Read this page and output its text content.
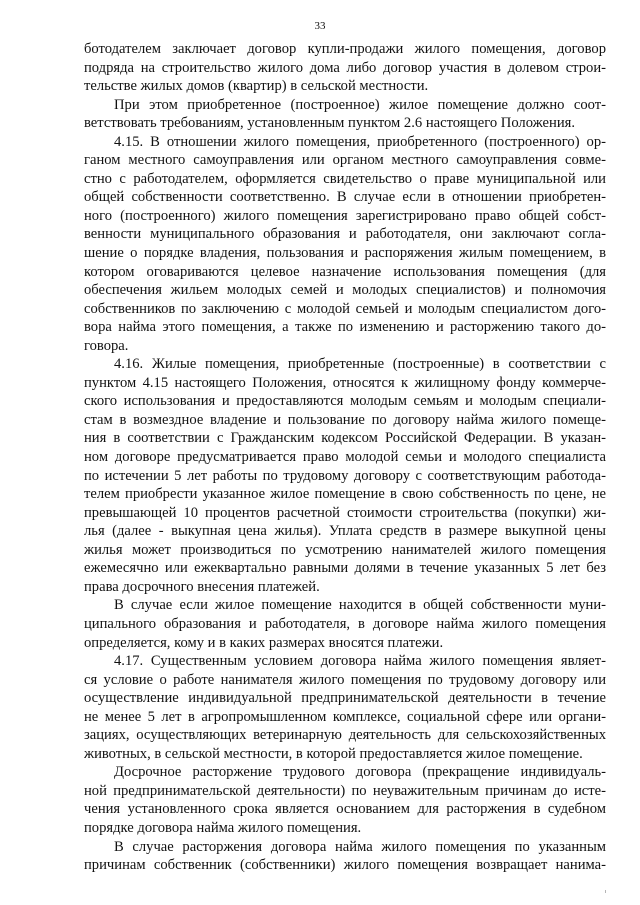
33
ботодателем заключает договор купли-продажи жилого помещения, договор
подряда на строительство жилого дома либо договор участия в долевом строи-
тельстве жилых домов (квартир) в сельской местности.
При этом приобретенное (построенное) жилое помещение должно соот-
ветствовать требованиям, установленным пунктом 2.6 настоящего Положения.
4.15. В отношении жилого помещения, приобретенного (построенного) ор-
ганом местного самоуправления или органом местного самоуправления совме-
стно с работодателем, оформляется свидетельство о праве муниципальной или
общей собственности соответственно. В случае если в отношении приобретен-
ного (построенного) жилого помещения зарегистрировано право общей собст-
венности муниципального образования и работодателя, они заключают согла-
шение о порядке владения, пользования и распоряжения жилым помещением, в
котором оговариваются целевое назначение использования помещения (для
обеспечения жильем молодых семей и молодых специалистов) и полномочия
собственников по заключению с молодой семьей и молодым специалистом дого-
вора найма этого помещения, а также по изменению и расторжению такого до-
говора.
4.16. Жилые помещения, приобретенные (построенные) в соответствии с
пунктом 4.15 настоящего Положения, относятся к жилищному фонду коммерче-
ского использования и предоставляются молодым семьям и молодым специали-
стам в возмездное владение и пользование по договору найма жилого помеще-
ния в соответствии с Гражданским кодексом Российской Федерации. В указан-
ном договоре предусматривается право молодой семьи и молодого специалиста
по истечении 5 лет работы по трудовому договору с соответствующим работода-
телем приобрести указанное жилое помещение в свою собственность по цене, не
превышающей 10 процентов расчетной стоимости строительства (покупки) жи-
лья (далее - выкупная цена жилья). Уплата средств в размере выкупной цены
жилья может производиться по усмотрению нанимателей жилого помещения
ежемесячно или ежеквартально равными долями в течение указанных 5 лет без
права досрочного внесения платежей.
В случае если жилое помещение находится в общей собственности муни-
ципального образования и работодателя, в договоре найма жилого помещения
определяется, кому и в каких размерах вносятся платежи.
4.17. Существенным условием договора найма жилого помещения являет-
ся условие о работе нанимателя жилого помещения по трудовому договору или
осуществление индивидуальной предпринимательской деятельности в течение
не менее 5 лет в агропромышленном комплексе, социальной сфере или органи-
зациях, осуществляющих ветеринарную деятельность для сельскохозяйственных
животных, в сельской местности, в которой предоставляется жилое помещение.
Досрочное расторжение трудового договора (прекращение индивидуаль-
ной предпринимательской деятельности) по неуважительным причинам до исте-
чения установленного срока является основанием для расторжения в судебном
порядке договора найма жилого помещения.
В случае расторжения договора найма жилого помещения по указанным
причинам собственник (собственники) жилого помещения возвращает нанима-
